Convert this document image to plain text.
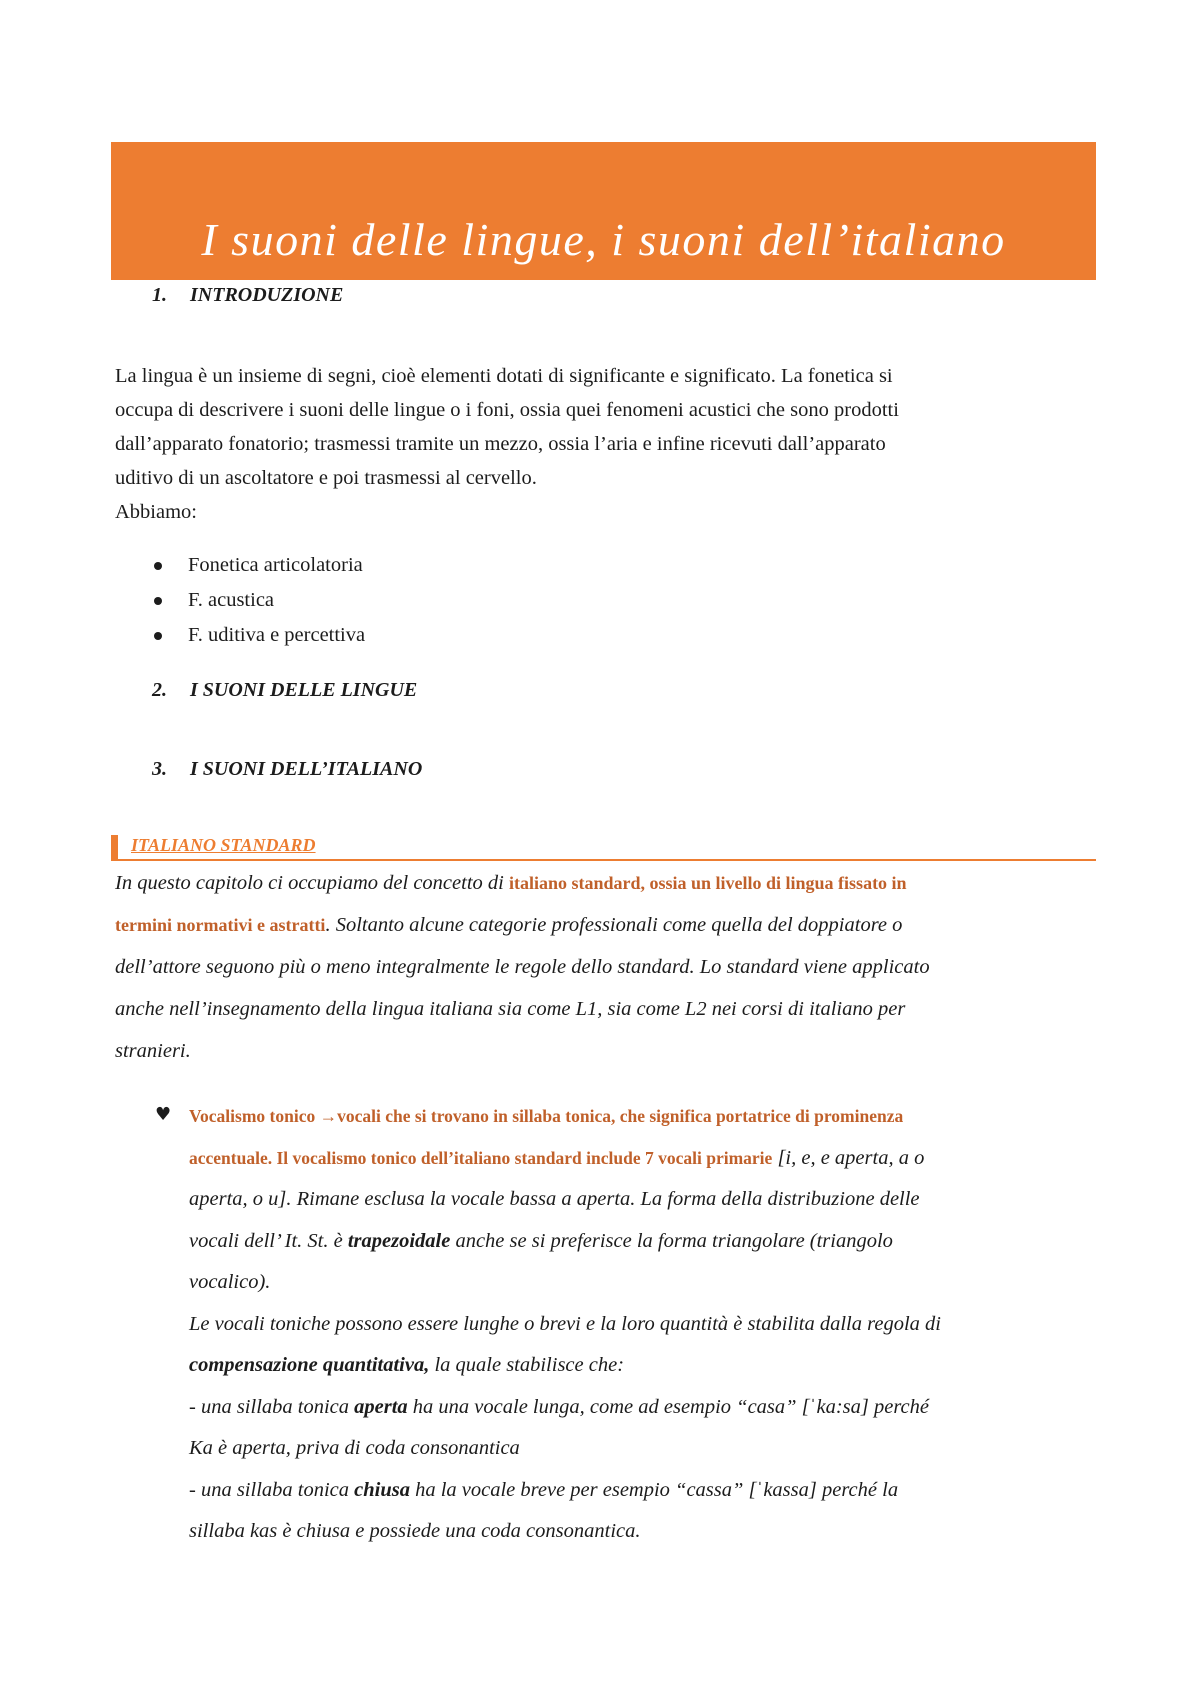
I suoni delle lingue, i suoni dell’italiano
1. INTRODUZIONE

La lingua è un insieme di segni, cioè elementi dotati di significante e significato. La fonetica si

occupa di descrivere i suoni delle lingue o i foni, ossia quei fenomeni acustici che sono prodotti

dall’apparato fonatorio; trasmessi tramite un mezzo, ossia l’aria e infine ricevuti dall’apparato

uditivo di un ascoltatore e poi trasmessi al cervello.

Abbiamo:

Fonetica articolatoria
F. acustica
F. uditiva e percettiva
2. I SUONI DELLE LINGUE
3. I SUONI DELL’ITALIANO
ITALIANO STANDARD
In questo capitolo ci occupiamo del concetto di italiano standard, ossia un livello di lingua fissato in
termini normativi e astratti. Soltanto alcune categorie professionali come quella del doppiatore o
dell’attore seguono più o meno integralmente le regole dello standard. Lo standard viene applicato
anche nell’insegnamento della lingua italiana sia come L1, sia come L2 nei corsi di italiano per
stranieri.
♥ Vocalismo tonico →vocali che si trovano in sillaba tonica, che significa portatrice di prominenza

accentuale. Il vocalismo tonico dell’italiano standard include 7 vocali primarie [i, e, e aperta, a o

aperta, o u]. Rimane esclusa la vocale bassa a aperta. La forma della distribuzione delle

vocali dell’ It. St. è trapezoidale anche se si preferisce la forma triangolare (triangolo

vocalico).

Le vocali toniche possono essere lunghe o brevi e la loro quantità è stabilita dalla regola di

compensazione quantitativa, la quale stabilisce che:

- una sillaba tonica aperta ha una vocale lunga, come ad esempio “casa” [ˈka:sa] perché

Ka è aperta, priva di coda consonantica

- una sillaba tonica chiusa ha la vocale breve per esempio “cassa” [ˈkassa] perché la

sillaba kas è chiusa e possiede una coda consonantica.
